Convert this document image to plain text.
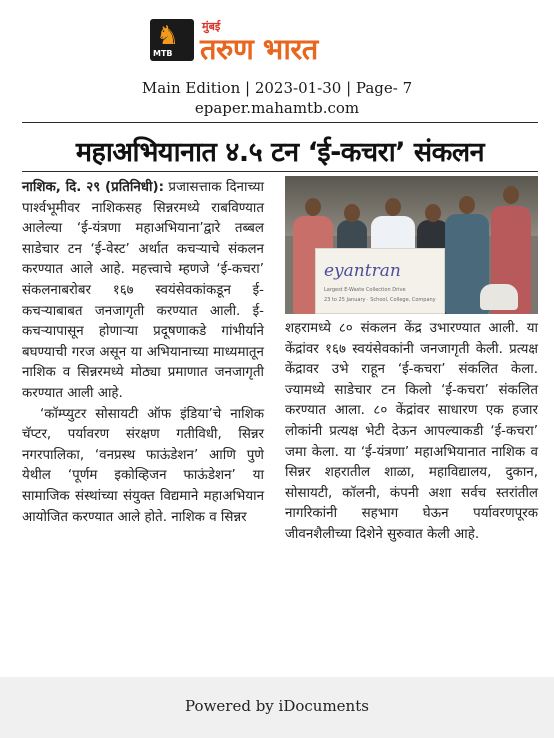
♞
MTB
मुंबई
तरुण भारत
Main Edition | 2023-01-30 | Page- 7
epaper.mahamtb.com
महाअभियानात ४.५ टन ‘ई-कचरा’ संकलन

नाशिक, दि. २९ (प्रतिनिधी): प्रजासत्ताक दिनाच्या पार्श्वभूमीवर नाशिकसह सिन्नरमध्ये राबविण्यात आलेल्या ‘ई-यंत्रणा महाअभियाना’द्वारे तब्बल साडेचार टन ‘ई-वेस्ट’ अर्थात कचऱ्याचे संकलन करण्यात आले आहे. महत्त्वाचे म्हणजे ‘ई-कचरा’ संकलनाबरोबर १६७ स्वयंसेवकांकडून ई-कचऱ्याबाबत जनजागृती करण्यात आली. ई-कचऱ्यापासून होणाऱ्या प्रदूषणाकडे गांभीर्याने बघण्याची गरज असून या अभियानाच्या माध्यमातून नाशिक व सिन्नरमध्ये मोठ्या प्रमाणात जनजागृती करण्यात आली आहे.

‘कॉम्प्युटर सोसायटी ऑफ इंडिया’चे नाशिक चॅप्टर, पर्यावरण संरक्षण गतीविधी, सिन्नर नगरपालिका, ‘वनप्रस्थ फाऊंडेशन’ आणि पुणे येथील ‘पूर्णम इकोव्हिजन फाऊंडेशन’ या सामाजिक संस्थांच्या संयुक्त विद्यमाने महाअभियान आयोजित करण्यात आले होते. नाशिक व सिन्नर

eyantran
Largest E-Waste Collection Drive
23 to 25 January · School, College, Company

शहरामध्ये ८० संकलन केंद्र उभारण्यात आली. या केंद्रांवर १६७ स्वयंसेवकांनी जनजागृती केली. प्रत्यक्ष केंद्रावर उभे राहून ‘ई-कचरा’ संकलित केला. ज्यामध्ये साडेचार टन किलो ‘ई-कचरा’ संकलित करण्यात आला. ८० केंद्रांवर साधारण एक हजार लोकांनी प्रत्यक्ष भेटी देऊन आपल्याकडी ‘ई-कचरा’ जमा केला. या ‘ई-यंत्रणा’ महाअभियानात नाशिक व सिन्नर शहरातील शाळा, महाविद्यालय, दुकान, सोसायटी, कॉलनी, कंपनी अशा सर्वच स्तरांतील नागरिकांनी सहभाग घेऊन पर्यावरणपूरक जीवनशैलीच्या दिशेने सुरुवात केली आहे.

Powered by iDocuments
